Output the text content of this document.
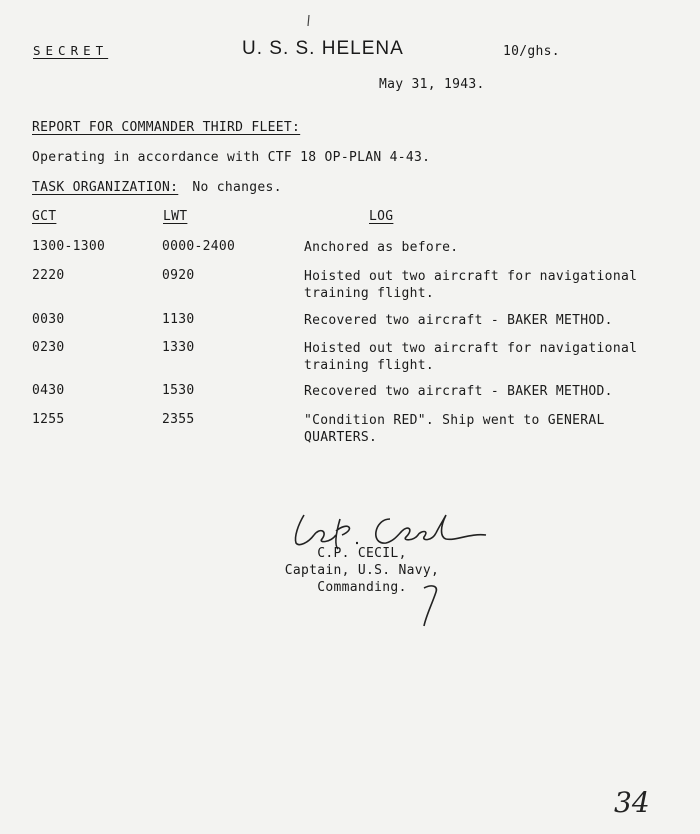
SECRET	U. S. S. HELENA	10/ghs.
May 31, 1943.
REPORT FOR COMMANDER THIRD FLEET:
Operating in accordance with CTF 18 OP-PLAN 4-43.
TASK ORGANIZATION: No changes.
GCT	LWT	LOG
1300-1300	0000-2400	Anchored as before.
2220	0920	Hoisted out two aircraft for navigational training flight.
0030	1130	Recovered two aircraft - BAKER METHOD.
0230	1330	Hoisted out two aircraft for navigational training flight.
0430	1530	Recovered two aircraft - BAKER METHOD.
1255	2355	"Condition RED". Ship went to GENERAL QUARTERS.
C.P. CECIL,
Captain, U.S. Navy,
Commanding.
34
